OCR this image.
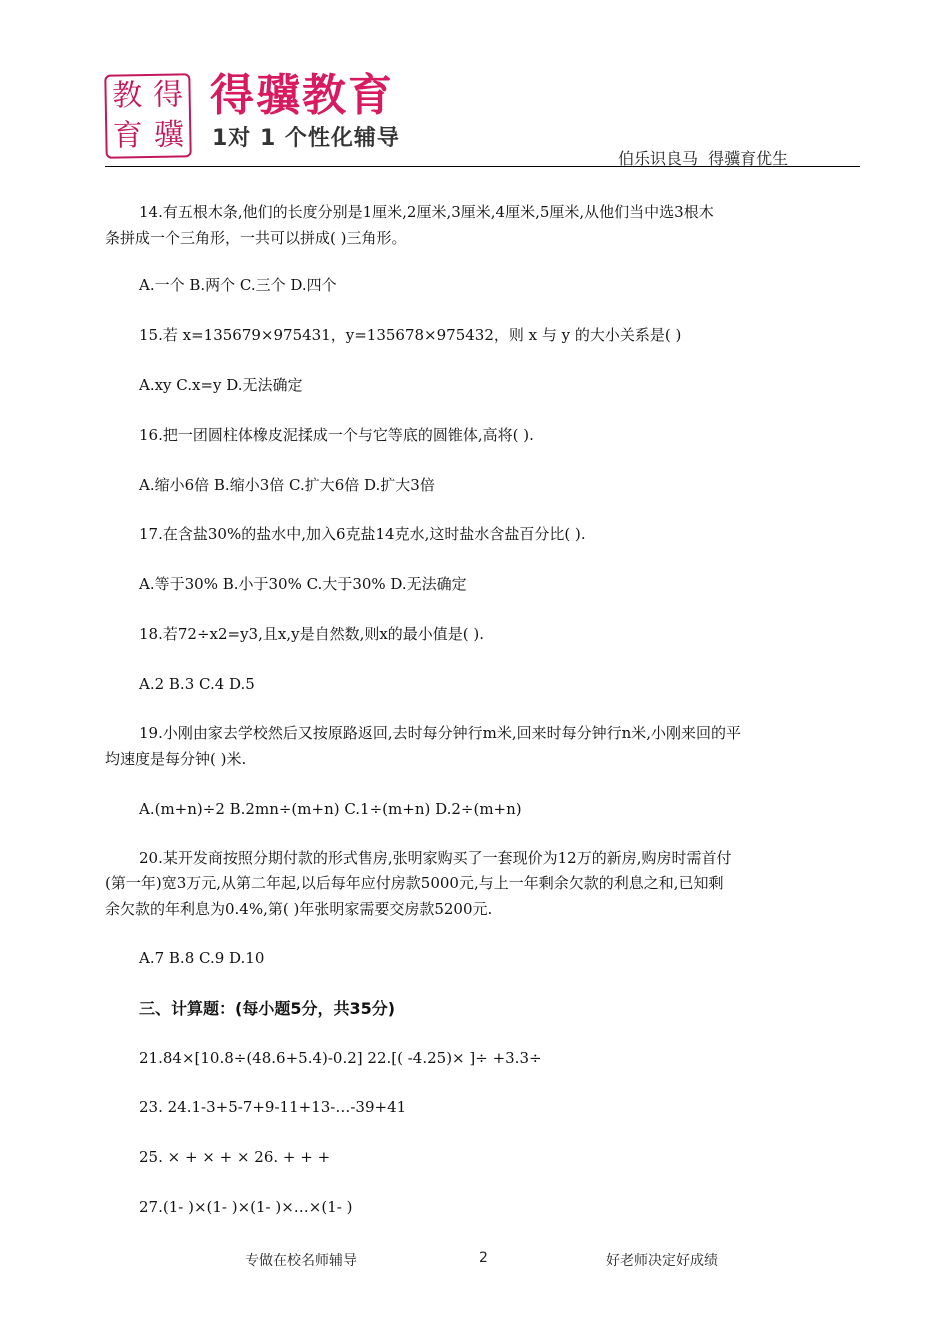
教 得
育 骥
得骥教育
1对 1 个性化辅导
伯乐识良马  得骥育优生
14.有五根木条,他们的长度分别是1厘米,2厘米,3厘米,4厘米,5厘米,从他们当中选3根木
条拼成一个三角形，一共可以拼成( )三角形。
A.一个 B.两个 C.三个 D.四个
15.若 x=135679×975431，y=135678×975432，则 x 与 y 的大小关系是( )
A.xy C.x=y D.无法确定
16.把一团圆柱体橡皮泥揉成一个与它等底的圆锥体,高将( ).
A.缩小6倍 B.缩小3倍 C.扩大6倍 D.扩大3倍
17.在含盐30%的盐水中,加入6克盐14克水,这时盐水含盐百分比( ).
A.等于30% B.小于30% C.大于30% D.无法确定
18.若72÷x2=y3,且x,y是自然数,则x的最小值是( ).
A.2 B.3 C.4 D.5
19.小刚由家去学校然后又按原路返回,去时每分钟行m米,回来时每分钟行n米,小刚来回的平
均速度是每分钟( )米.
A.(m+n)÷2 B.2mn÷(m+n) C.1÷(m+n) D.2÷(m+n)
20.某开发商按照分期付款的形式售房,张明家购买了一套现价为12万的新房,购房时需首付
(第一年)宽3万元,从第二年起,以后每年应付房款5000元,与上一年剩余欠款的利息之和,已知剩
余欠款的年利息为0.4%,第( )年张明家需要交房款5200元.
A.7 B.8 C.9 D.10
三、计算题：(每小题5分，共35分)
21.84×[10.8÷(48.6+5.4)-0.2] 22.[( -4.25)× ]÷ +3.3÷
23. 24.1-3+5-7+9-11+13-…-39+41
25. × + × + × 26. + + +
27.(1- )×(1- )×(1- )×…×(1- )
专做在校名师辅导	2	好老师决定好成绩
